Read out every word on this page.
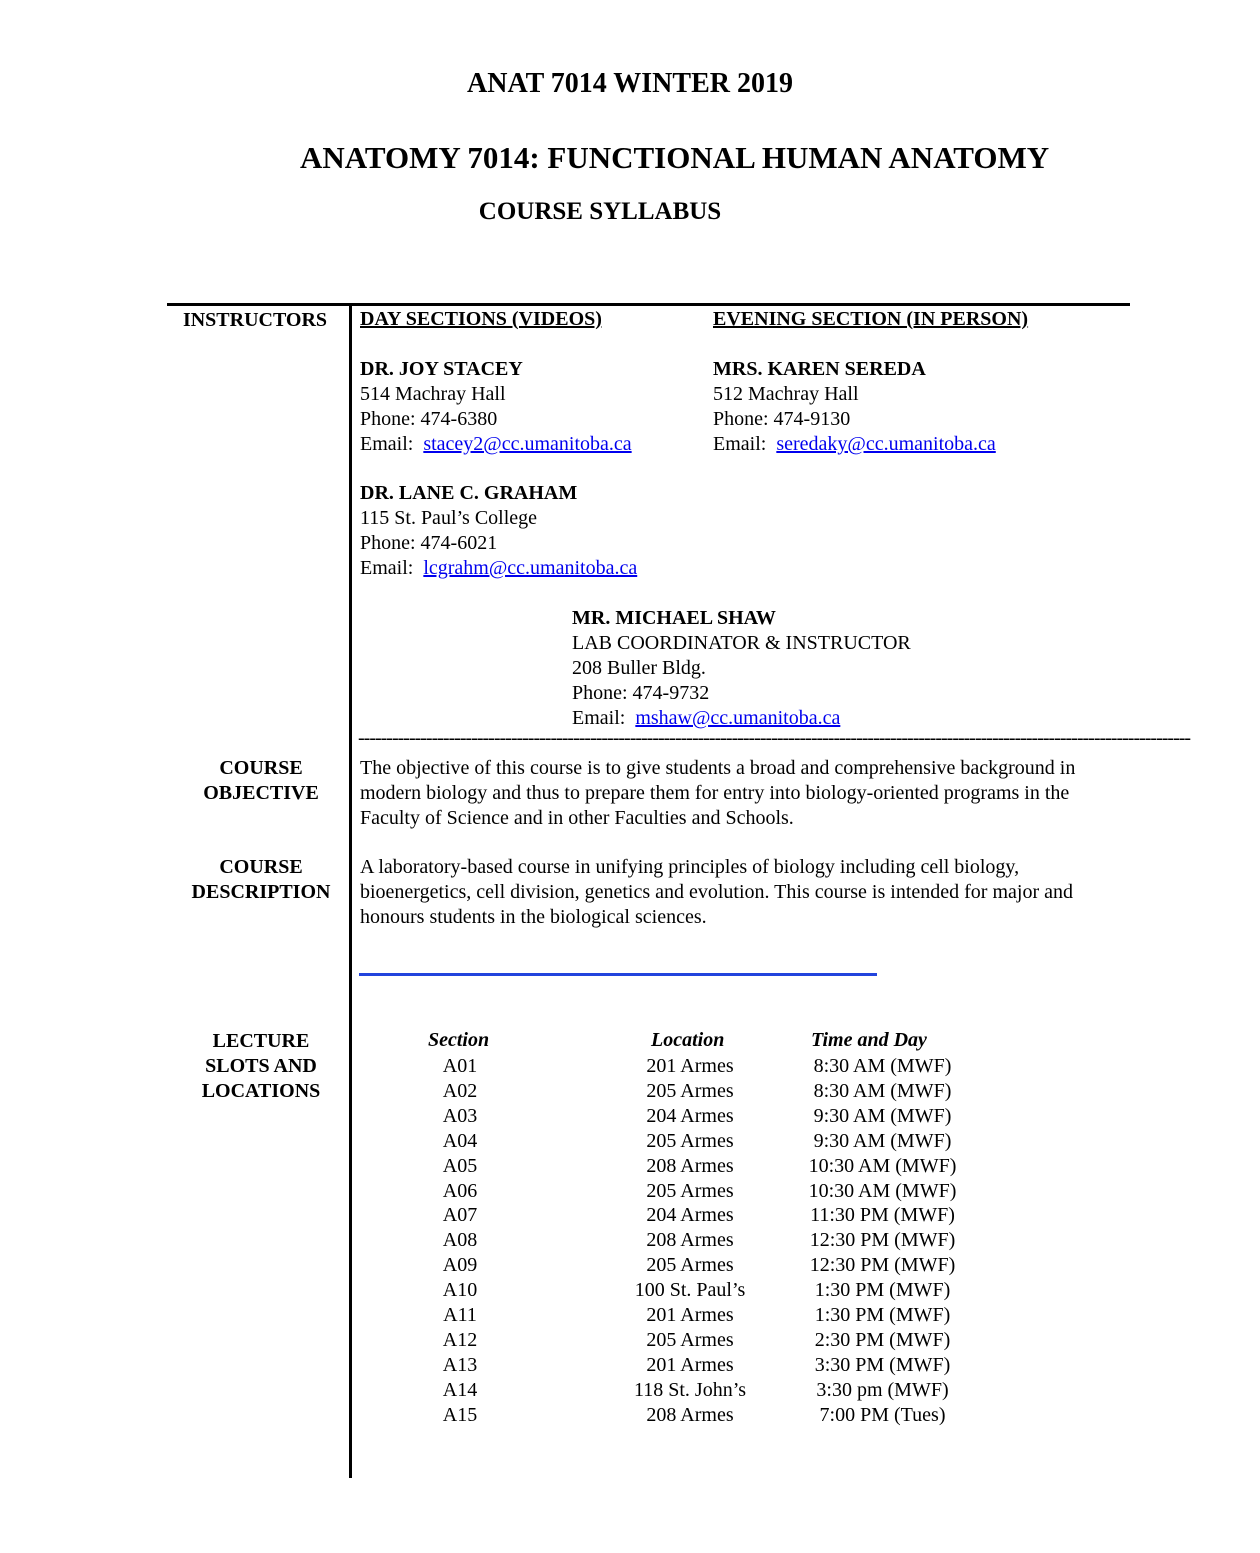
ANAT 7014 WINTER 2019
ANATOMY 7014: FUNCTIONAL HUMAN ANATOMY
COURSE SYLLABUS
INSTRUCTORS	DAY SECTIONS (VIDEOS)	EVENING SECTION (IN PERSON)
DR. JOY STACEY
514 Machray Hall
Phone: 474-6380
Email: stacey2@cc.umanitoba.ca
MRS. KAREN SEREDA
512 Machray Hall
Phone: 474-9130
Email: seredaky@cc.umanitoba.ca
DR. LANE C. GRAHAM
115 St. Paul’s College
Phone: 474-6021
Email: lcgrahm@cc.umanitoba.ca
MR. MICHAEL SHAW
LAB COORDINATOR & INSTRUCTOR
208 Buller Bldg.
Phone: 474-9732
Email: mshaw@cc.umanitoba.ca
---------------------------------------------------------------------------------------------------------------------------------------------------
COURSE
OBJECTIVE
The objective of this course is to give students a broad and comprehensive background in modern biology and thus to prepare them for entry into biology-oriented programs in the Faculty of Science and in other Faculties and Schools.
COURSE
DESCRIPTION
A laboratory-based course in unifying principles of biology including cell biology, bioenergetics, cell division, genetics and evolution. This course is intended for major and honours students in the biological sciences.
LECTURE
SLOTS AND
LOCATIONS
Section	Location	Time and Day
A01	201 Armes	8:30 AM (MWF)
A02	205 Armes	8:30 AM (MWF)
A03	204 Armes	9:30 AM (MWF)
A04	205 Armes	9:30 AM (MWF)
A05	208 Armes	10:30 AM (MWF)
A06	205 Armes	10:30 AM (MWF)
A07	204 Armes	11:30 PM (MWF)
A08	208 Armes	12:30 PM (MWF)
A09	205 Armes	12:30 PM (MWF)
A10	100 St. Paul’s	1:30 PM (MWF)
A11	201 Armes	1:30 PM (MWF)
A12	205 Armes	2:30 PM (MWF)
A13	201 Armes	3:30 PM (MWF)
A14	118 St. John’s	3:30 pm (MWF)
A15	208 Armes	7:00 PM (Tues)
